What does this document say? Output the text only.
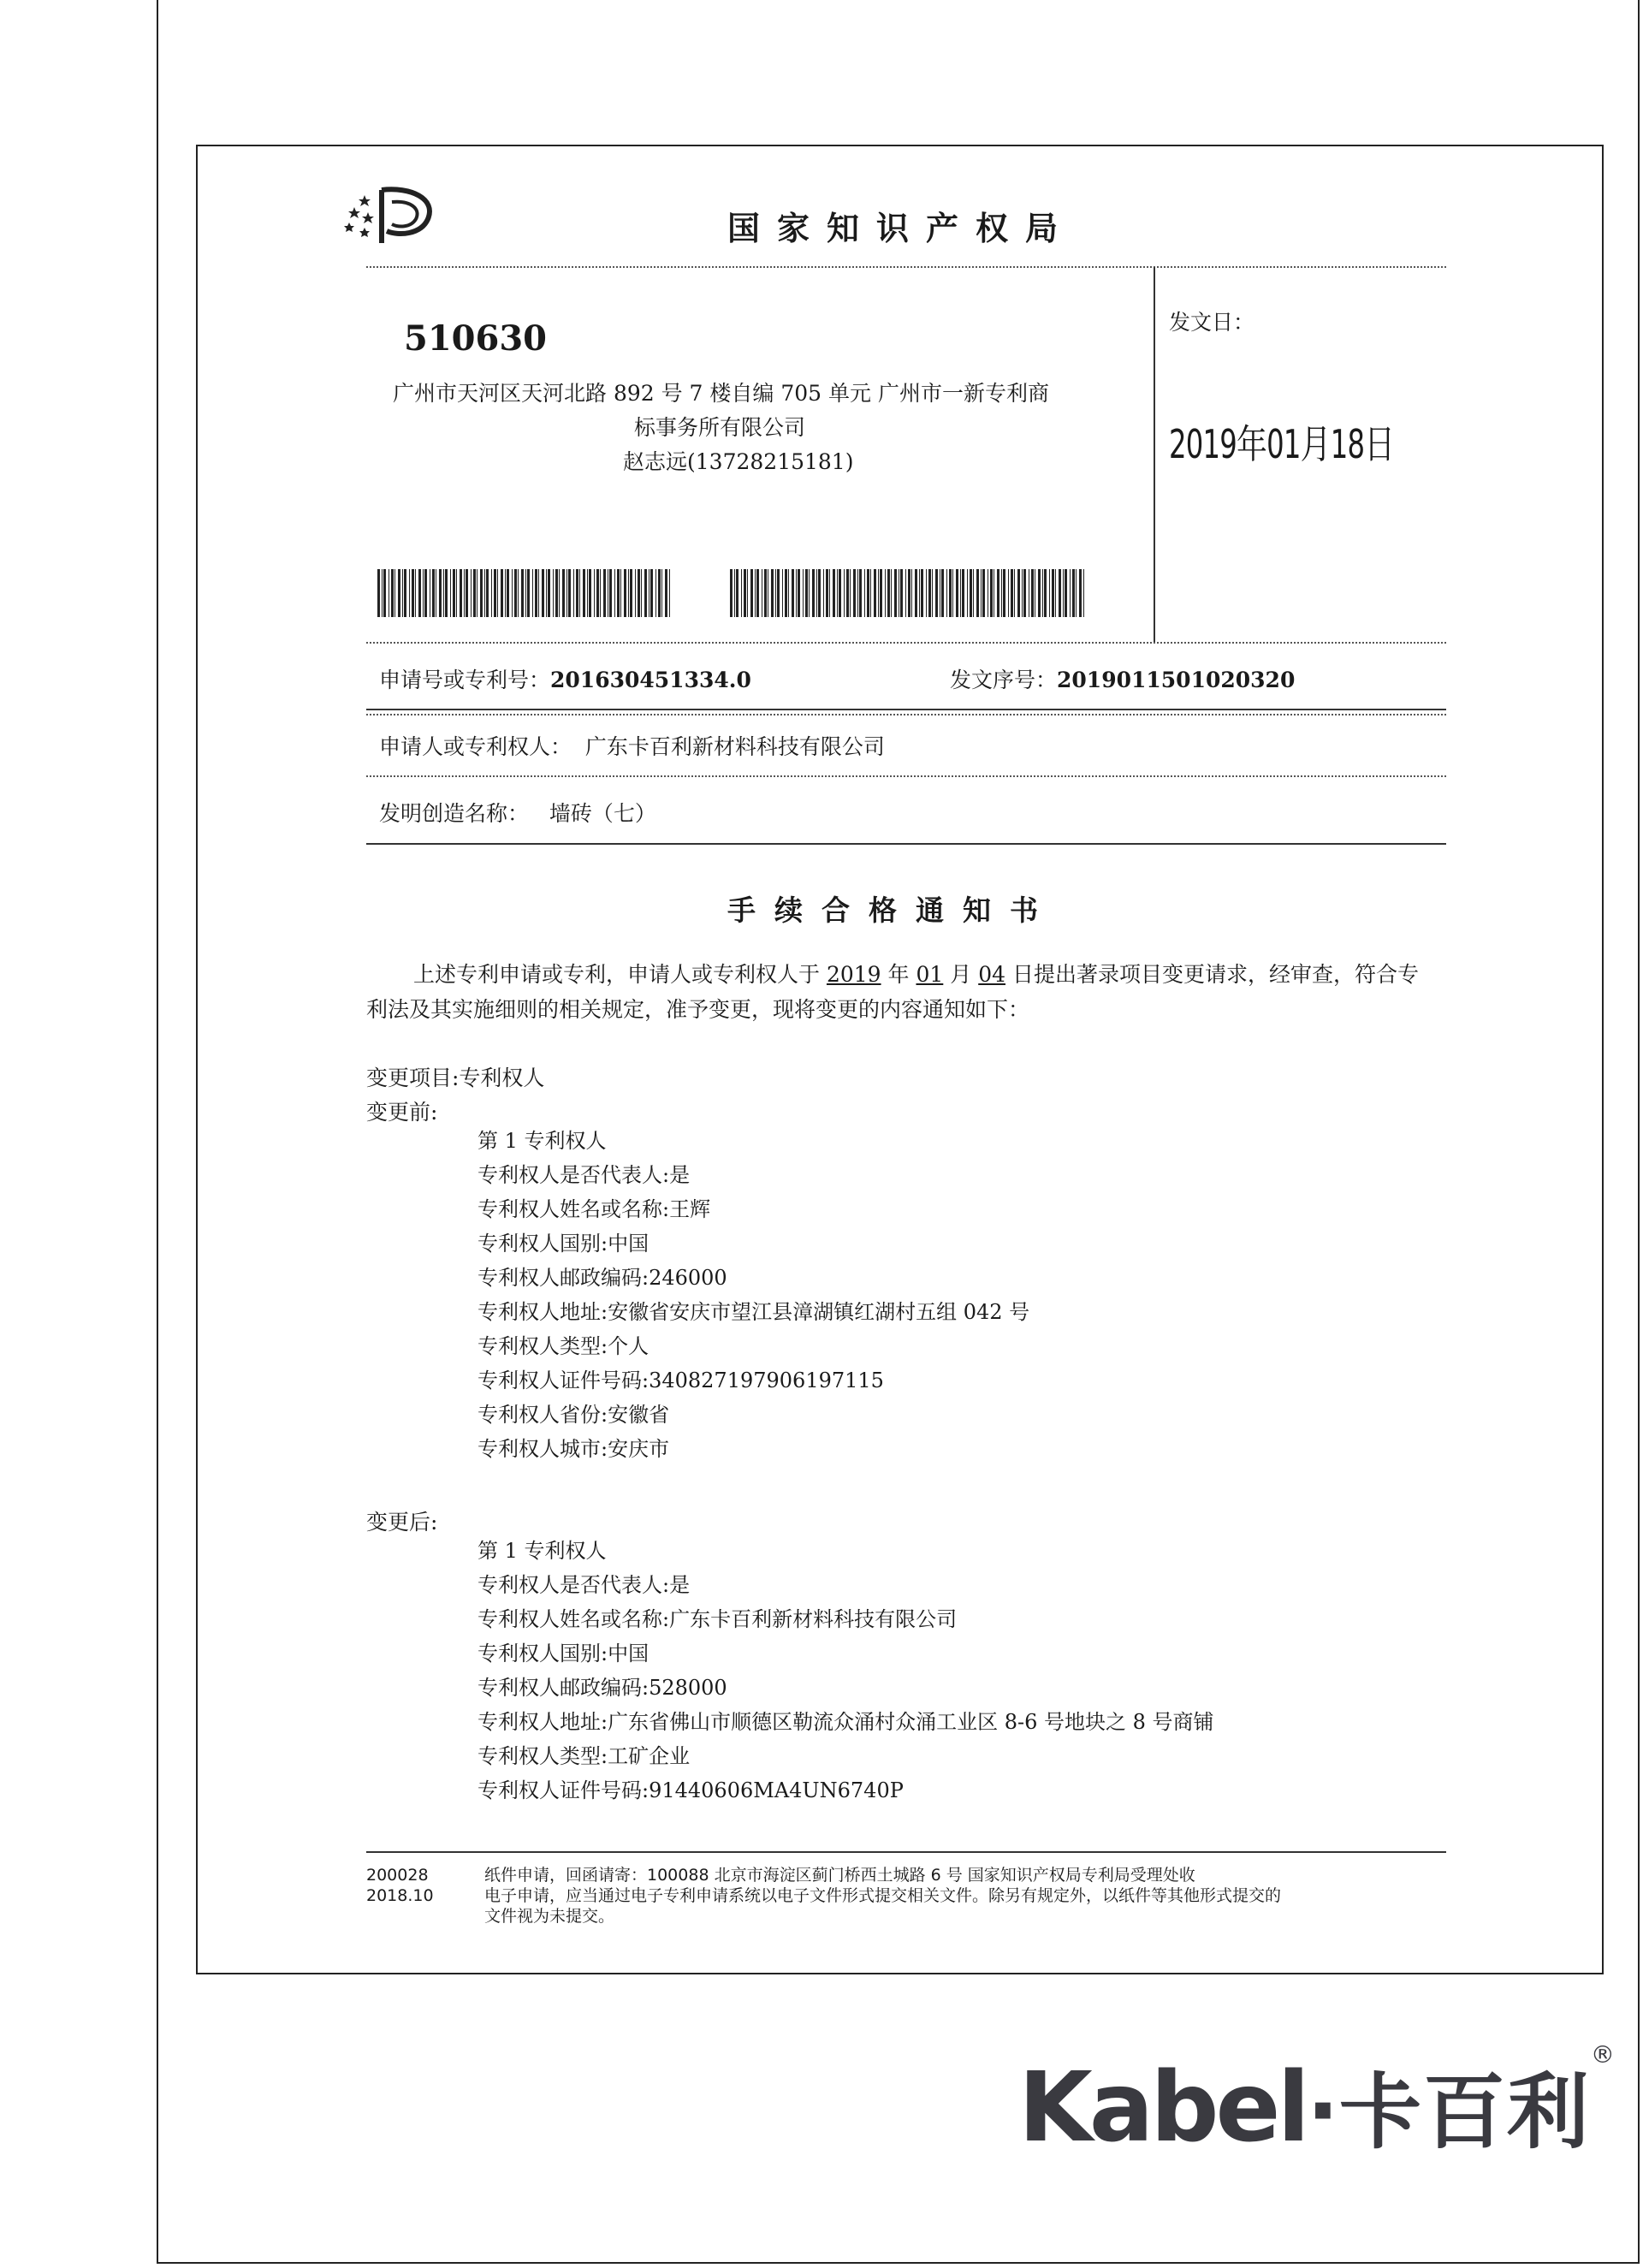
国家知识产权局
510630
广州市天河区天河北路 892 号 7 楼自编 705 单元 广州市一新专利商
标事务所有限公司
赵志远(13728215181)
发文日：
2019年01月18日
申请号或专利号：201630451334.0	发文序号：2019011501020320
申请人或专利权人： 广东卡百利新材料科技有限公司
发明创造名称： 墙砖（七）
手续合格通知书
上述专利申请或专利，申请人或专利权人于 2019 年 01 月 04 日提出著录项目变更请求，经审查，符合专
利法及其实施细则的相关规定，准予变更，现将变更的内容通知如下：
变更项目:专利权人
变更前:
第 1 专利权人
专利权人是否代表人:是
专利权人姓名或名称:王辉
专利权人国别:中国
专利权人邮政编码:246000
专利权人地址:安徽省安庆市望江县漳湖镇红湖村五组 042 号
专利权人类型:个人
专利权人证件号码:340827197906197115
专利权人省份:安徽省
专利权人城市:安庆市
变更后:
第 1 专利权人
专利权人是否代表人:是
专利权人姓名或名称:广东卡百利新材料科技有限公司
专利权人国别:中国
专利权人邮政编码:528000
专利权人地址:广东省佛山市顺德区勒流众涌村众涌工业区 8-6 号地块之 8 号商铺
专利权人类型:工矿企业
专利权人证件号码:91440606MA4UN6740P
200028
2018.10
纸件申请，回函请寄：100088 北京市海淀区蓟门桥西土城路 6 号 国家知识产权局专利局受理处收
电子申请，应当通过电子专利申请系统以电子文件形式提交相关文件。除另有规定外，以纸件等其他形式提交的
文件视为未提交。
Kabel·卡百利®
